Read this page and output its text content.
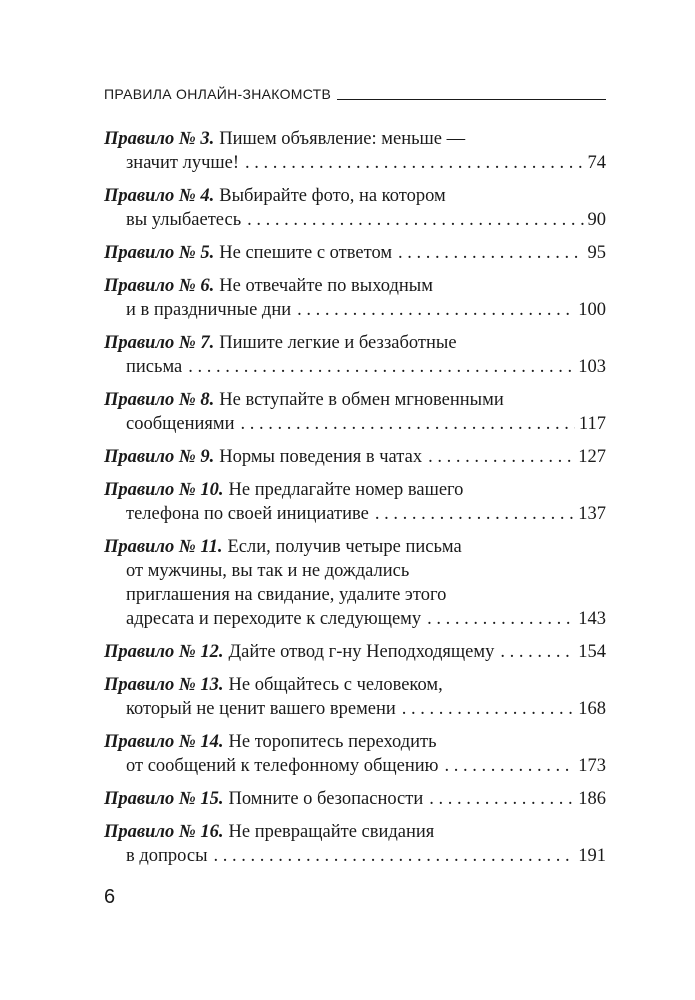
ПРАВИЛА ОНЛАЙН-ЗНАКОМСТВ
Правило № 3. Пишем объявление: меньше —
значит лучше! . . .	74
Правило № 4. Выбирайте фото, на котором
вы улыбаетесь . . .	90
Правило № 5. Не спешите с ответом . . .	95
Правило № 6. Не отвечайте по выходным
и в праздничные дни . . .	100
Правило № 7. Пишите легкие и беззаботные
письма . . .	103
Правило № 8. Не вступайте в обмен мгновенными
сообщениями . . .	117
Правило № 9. Нормы поведения в чатах . . .	127
Правило № 10. Не предлагайте номер вашего
телефона по своей инициативе . . .	137
Правило № 11. Если, получив четыре письма
от мужчины, вы так и не дождались
приглашения на свидание, удалите этого
адресата и переходите к следующему . . .	143
Правило № 12. Дайте отвод г-ну Неподходящему . . .	154
Правило № 13. Не общайтесь с человеком,
который не ценит вашего времени . . .	168
Правило № 14. Не торопитесь переходить
от сообщений к телефонному общению . . .	173
Правило № 15. Помните о безопасности . . .	186
Правило № 16. Не превращайте свидания
в допросы . . .	191
6
